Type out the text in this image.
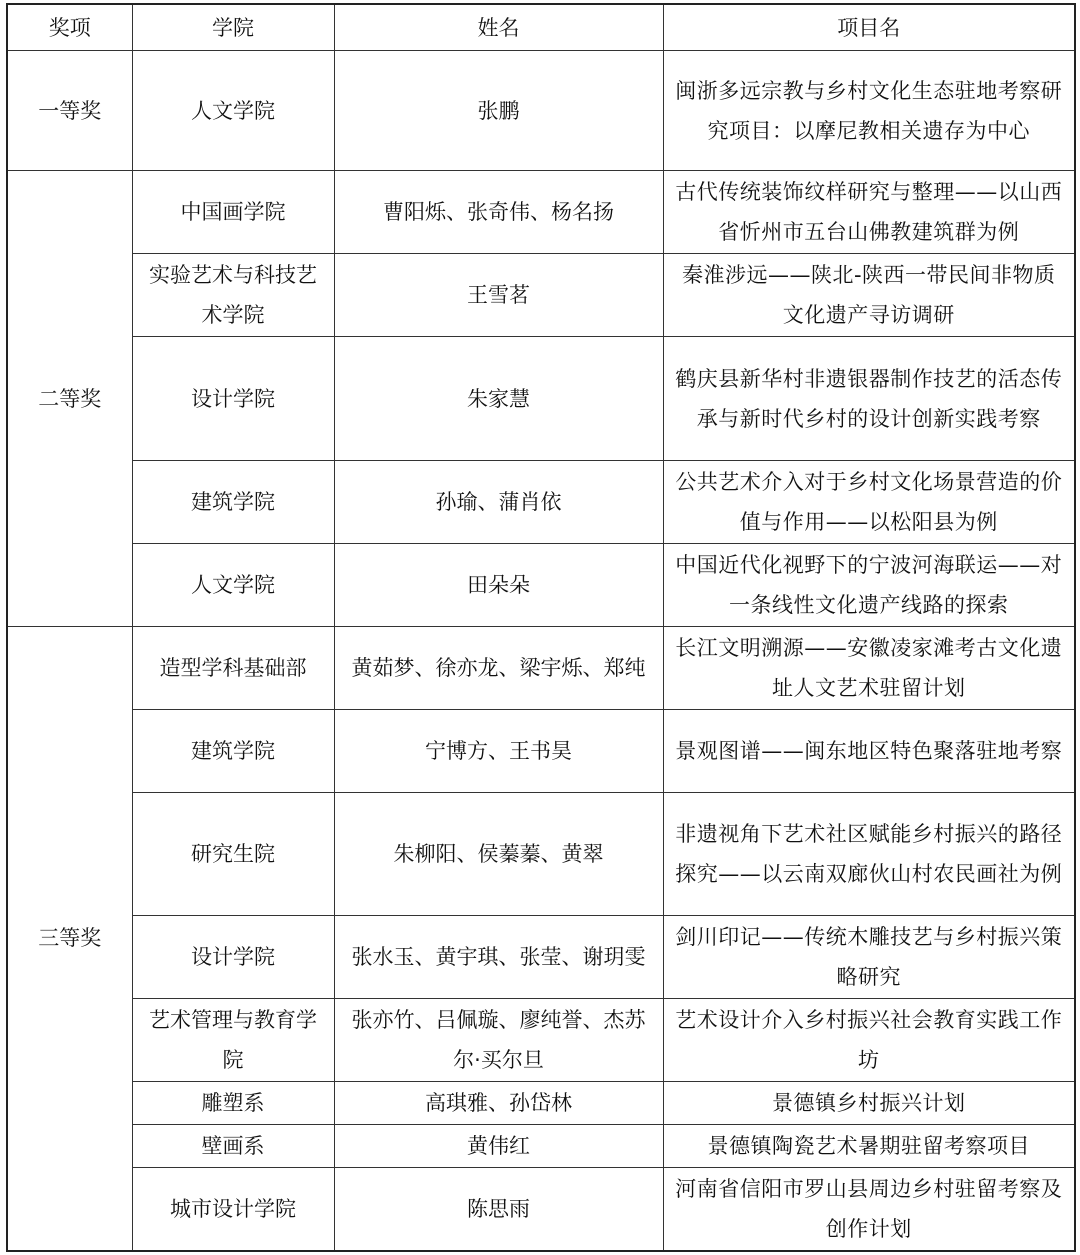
奖项	学院	姓名	项目名
一等奖	人文学院	张鹏	闽浙多远宗教与乡村文化生态驻地考察研究项目：以摩尼教相关遗存为中心
二等奖	中国画学院	曹阳烁、张奇伟、杨名扬	古代传统装饰纹样研究与整理——以山西省忻州市五台山佛教建筑群为例
	实验艺术与科技艺术学院	王雪茗	秦淮涉远——陕北-陕西一带民间非物质文化遗产寻访调研
	设计学院	朱家慧	鹤庆县新华村非遗银器制作技艺的活态传承与新时代乡村的设计创新实践考察
	建筑学院	孙瑜、蒲肖依	公共艺术介入对于乡村文化场景营造的价值与作用——以松阳县为例
	人文学院	田朵朵	中国近代化视野下的宁波河海联运——对一条线性文化遗产线路的探索
三等奖	造型学科基础部	黄茹梦、徐亦龙、梁宇烁、郑纯	长江文明溯源——安徽凌家滩考古文化遗址人文艺术驻留计划
	建筑学院	宁博方、王书昊	景观图谱——闽东地区特色聚落驻地考察
	研究生院	朱柳阳、侯蓁蓁、黄翠	非遗视角下艺术社区赋能乡村振兴的路径探究——以云南双廊伙山村农民画社为例
	设计学院	张水玉、黄宇琪、张莹、谢玥雯	剑川印记——传统木雕技艺与乡村振兴策略研究
	艺术管理与教育学院	张亦竹、吕佩璇、廖纯誉、杰苏尔·买尔旦	艺术设计介入乡村振兴社会教育实践工作坊
	雕塑系	高琪雅、孙岱林	景德镇乡村振兴计划
	壁画系	黄伟红	景德镇陶瓷艺术暑期驻留考察项目
	城市设计学院	陈思雨	河南省信阳市罗山县周边乡村驻留考察及创作计划
